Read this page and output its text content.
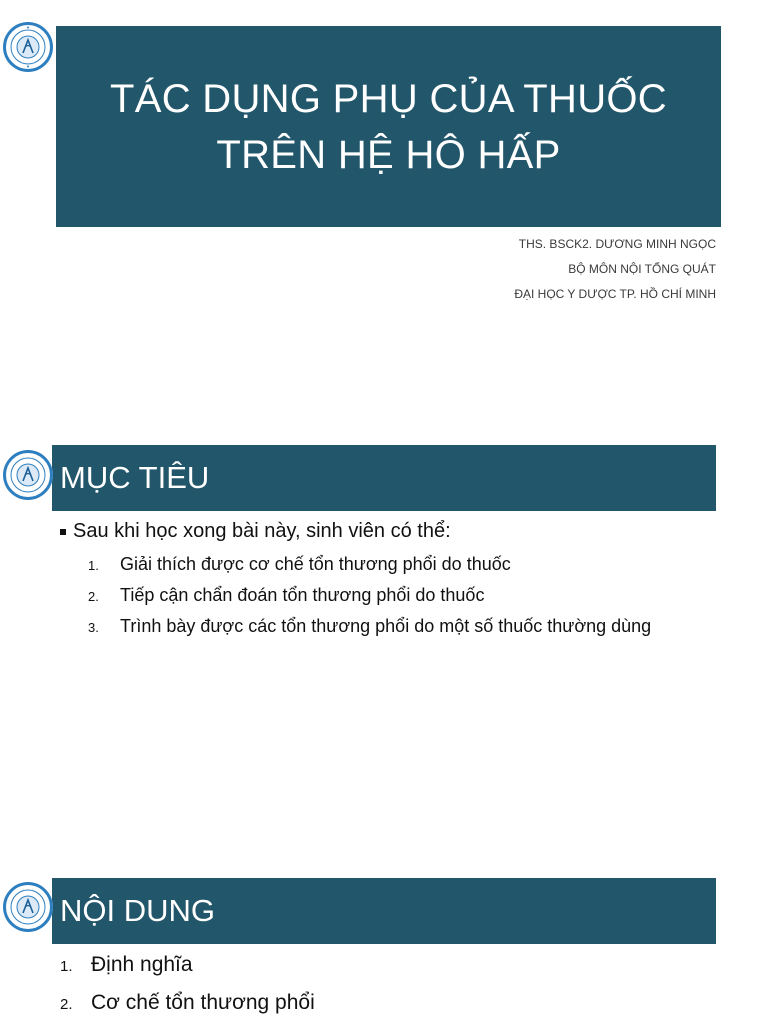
TÁC DỤNG PHỤ CỦA THUỐC
TRÊN HỆ HÔ HẤP
THS. BSCK2. DƯƠNG MINH NGỌC
BỘ MÔN NỘI TỔNG QUÁT
ĐẠI HỌC Y DƯỢC TP. HỒ CHÍ MINH
MỤC TIÊU
Sau khi học xong bài này, sinh viên có thể:
1.	Giải thích được cơ chế tổn thương phổi do thuốc
2.	Tiếp cận chẩn đoán tổn thương phổi do thuốc
3.	Trình bày được các tổn thương phổi do một số thuốc thường dùng
NỘI DUNG
1. Định nghĩa
2. Cơ chế tổn thương phổi
